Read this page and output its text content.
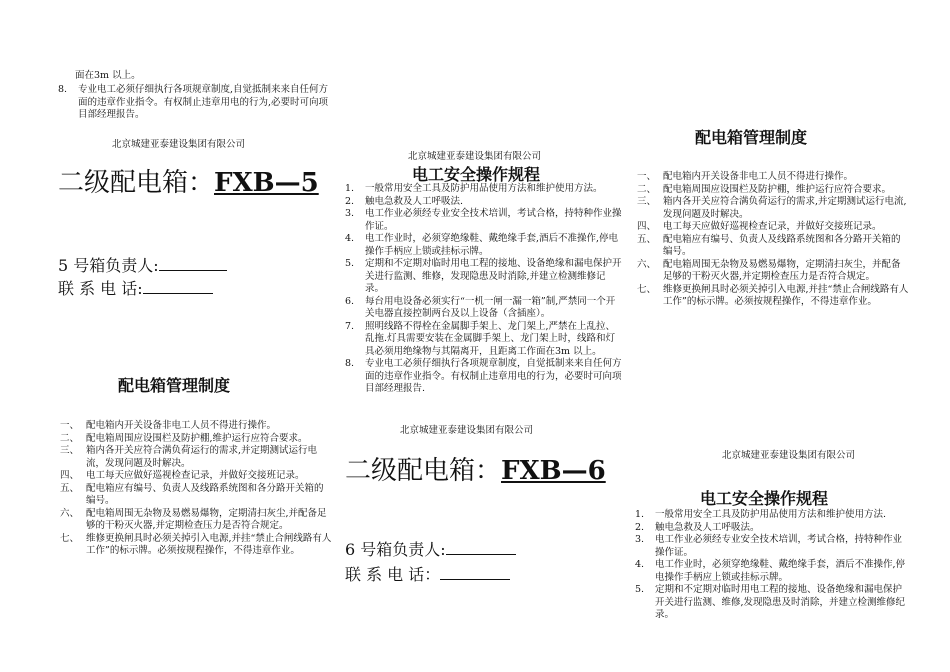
面在3m 以上。
8.	专业电工必须仔细执行各项规章制度,自觉抵制来来自任何方面的违章作业指令。有权制止违章用电的行为,必要时可向项目部经理报告。
北京城建亚泰建设集团有限公司
二级配电箱：FXB—5
5 号箱负责人:
联 系 电 话:
配电箱管理制度
一、 配电箱内开关设备非电工人员不得进行操作。
二、 配电箱周围应设围栏及防护棚,维护运行应符合要求。
三、 箱内各开关应符合满负荷运行的需求,并定期测试运行电流，发现问题及时解决。
四、 电工每天应做好巡视检查记录，并做好交接班记录。
五、 配电箱应有编号、负责人及线路系统图和各分路开关箱的编号。
六、 配电箱周围无杂物及易燃易爆物，定期清扫灰尘,并配备足够的干粉灭火器,并定期检查压力是否符合规定。
七、 维修更换闸具时必须关掉引入电源,并挂“禁止合闸线路有人工作”的标示牌。必须按规程操作，不得违章作业。
北京城建亚泰建设集团有限公司
电工安全操作规程
1.	一般常用安全工具及防护用品使用方法和维护使用方法。
2.	触电急救及人工呼吸法.
3.	电工作业必须经专业安全技术培训，考试合格，持特种作业操作证。
4.	电工作业时，必须穿绝缘鞋、戴绝缘手套,酒后不准操作,停电操作手柄应上锁或挂标示牌。
5.	定期和不定期对临时用电工程的接地、设备绝缘和漏电保护开关进行监测、维修，发现隐患及时消除,并建立检测维修记录。
6.	每台用电设备必须实行“一机一闸一漏一箱”制,严禁同一个开关电器直接控制两台及以上设备（含插座）。
7.	照明线路不得栓在金属脚手架上、龙门架上,严禁在上乱拉、乱拖.灯具需要安装在金属脚手架上、龙门架上时，线路和灯具必须用绝缘物与其隔离开，且距离工作面在3m 以上。
8.	专业电工必须仔细执行各项规章制度，自觉抵制来来自任何方面的违章作业指令。有权制止违章用电的行为，必要时可向项目部经理报告.
北京城建亚泰建设集团有限公司
二级配电箱：FXB—6
6 号箱负责人:
联 系 电 话：
配电箱管理制度
一、 配电箱内开关设备非电工人员不得进行操作。
二、 配电箱周围应设围栏及防护棚，维护运行应符合要求。
三、 箱内各开关应符合满负荷运行的需求,并定期测试运行电流,发现问题及时解决。
四、 电工每天应做好巡视检查记录，并做好交接班记录。
五、 配电箱应有编号、负责人及线路系统图和各分路开关箱的编号。
六、 配电箱周围无杂物及易燃易爆物，定期清扫灰尘，并配备足够的干粉灭火器,并定期检查压力是否符合规定。
七、 维修更换闸具时必须关掉引入电源,并挂“禁止合闸线路有人工作”的标示牌。必须按规程操作，不得违章作业。
北京城建亚泰建设集团有限公司
电工安全操作规程
1.	一般常用安全工具及防护用品使用方法和维护使用方法.
2.	触电急救及人工呼吸法。
3.	电工作业必须经专业安全技术培训，考试合格，持特种作业操作证。
4.	电工作业时，必须穿绝缘鞋、戴绝缘手套，酒后不准操作,停电操作手柄应上锁或挂标示牌。
5.	定期和不定期对临时用电工程的接地、设备绝缘和漏电保护开关进行监测、维修,发现隐患及时消除，并建立检测维修纪录。
